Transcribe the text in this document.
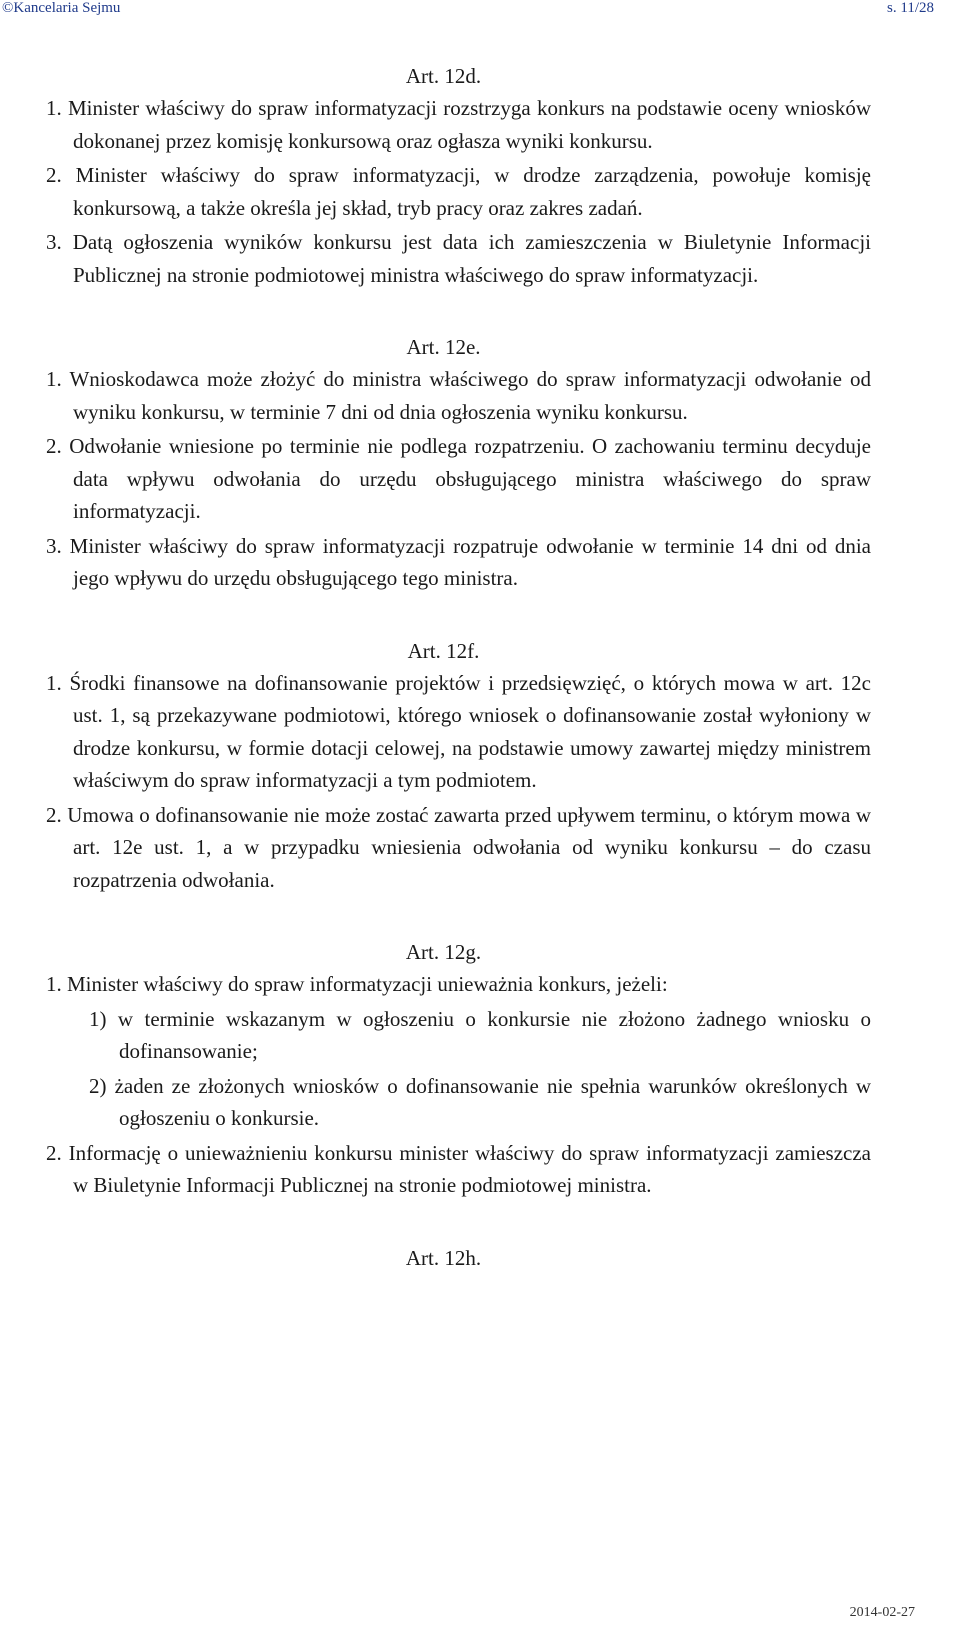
©Kancelaria Sejmu	s. 11/28

Art. 12d.

1. Minister właściwy do spraw informatyzacji rozstrzyga konkurs na podstawie oceny wniosków dokonanej przez komisję konkursową oraz ogłasza wyniki konkursu.

2. Minister właściwy do spraw informatyzacji, w drodze zarządzenia, powołuje komisję konkursową, a także określa jej skład, tryb pracy oraz zakres zadań.

3. Datą ogłoszenia wyników konkursu jest data ich zamieszczenia w Biuletynie Informacji Publicznej na stronie podmiotowej ministra właściwego do spraw informatyzacji.

Art. 12e.

1. Wnioskodawca może złożyć do ministra właściwego do spraw informatyzacji odwołanie od wyniku konkursu, w terminie 7 dni od dnia ogłoszenia wyniku konkursu.

2. Odwołanie wniesione po terminie nie podlega rozpatrzeniu. O zachowaniu terminu decyduje data wpływu odwołania do urzędu obsługującego ministra właściwego do spraw informatyzacji.

3. Minister właściwy do spraw informatyzacji rozpatruje odwołanie w terminie 14 dni od dnia jego wpływu do urzędu obsługującego tego ministra.

Art. 12f.

1. Środki finansowe na dofinansowanie projektów i przedsięwzięć, o których mowa w art. 12c ust. 1, są przekazywane podmiotowi, którego wniosek o dofinansowanie został wyłoniony w drodze konkursu, w formie dotacji celowej, na podstawie umowy zawartej między ministrem właściwym do spraw informatyzacji a tym podmiotem.

2. Umowa o dofinansowanie nie może zostać zawarta przed upływem terminu, o którym mowa w art. 12e ust. 1, a w przypadku wniesienia odwołania od wyniku konkursu – do czasu rozpatrzenia odwołania.

Art. 12g.

1. Minister właściwy do spraw informatyzacji unieważnia konkurs, jeżeli:

1) w terminie wskazanym w ogłoszeniu o konkursie nie złożono żadnego wniosku o dofinansowanie;

2) żaden ze złożonych wniosków o dofinansowanie nie spełnia warunków określonych w ogłoszeniu o konkursie.

2. Informację o unieważnieniu konkursu minister właściwy do spraw informatyzacji zamieszcza w Biuletynie Informacji Publicznej na stronie podmiotowej ministra.

Art. 12h.

2014-02-27
